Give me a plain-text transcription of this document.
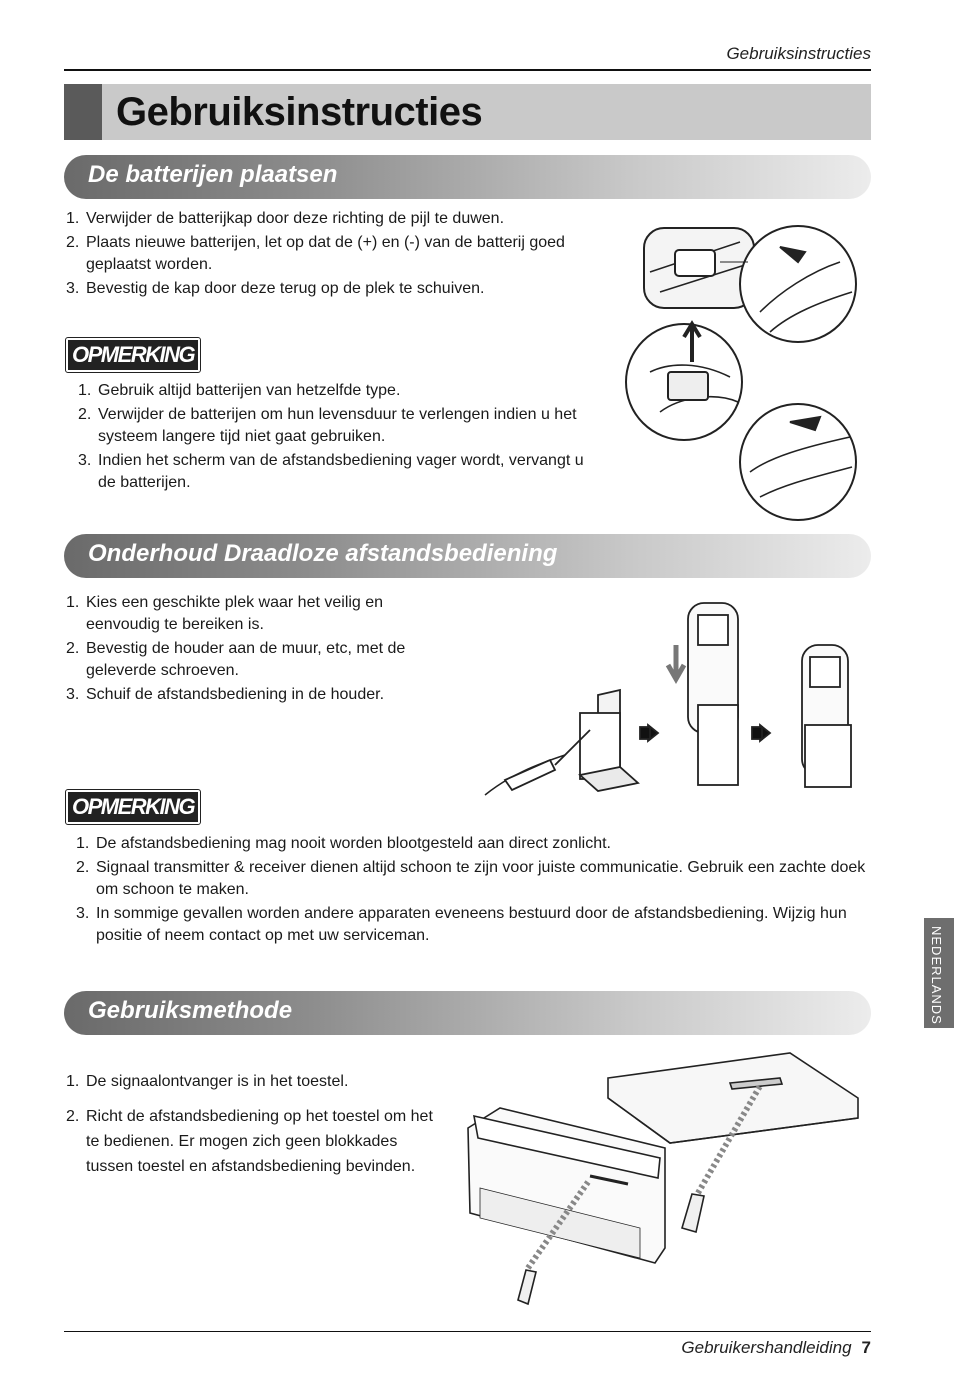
Gebruiksinstructies
Gebruiksinstructies
De batterijen plaatsen
1. Verwijder de batterijkap door deze richting de pijl te duwen.
2. Plaats nieuwe batterijen, let op dat de (+) en (-) van de batterij goed geplaatst worden.
3. Bevestig de kap door deze terug op de plek te schuiven.
OPMERKING
1. Gebruik altijd batterijen van hetzelfde type.
2. Verwijder de batterijen om hun levensduur te verlengen indien u het systeem langere tijd niet gaat gebruiken.
3. Indien het scherm van de afstandsbediening vager wordt, vervangt u de batterijen.
Onderhoud Draadloze afstandsbediening
1. Kies een geschikte plek waar het veilig en eenvoudig te bereiken is.
2. Bevestig de houder aan de muur, etc, met de geleverde schroeven.
3. Schuif de afstandsbediening in de houder.
OPMERKING
1. De afstandsbediening mag nooit worden blootgesteld aan direct zonlicht.
2. Signaal transmitter & receiver dienen altijd schoon te zijn voor juiste communicatie. Gebruik een zachte doek om schoon te maken.
3. In sommige gevallen worden andere apparaten eveneens bestuurd door de afstandsbediening. Wijzig hun positie of neem contact op met uw serviceman.
Gebruiksmethode
1. De signaalontvanger is in het toestel.
2. Richt de afstandsbediening op het toestel om het te bedienen. Er mogen zich geen blokkades tussen toestel en afstandsbediening bevinden.
NEDERLANDS
Gebruikershandleiding 7
